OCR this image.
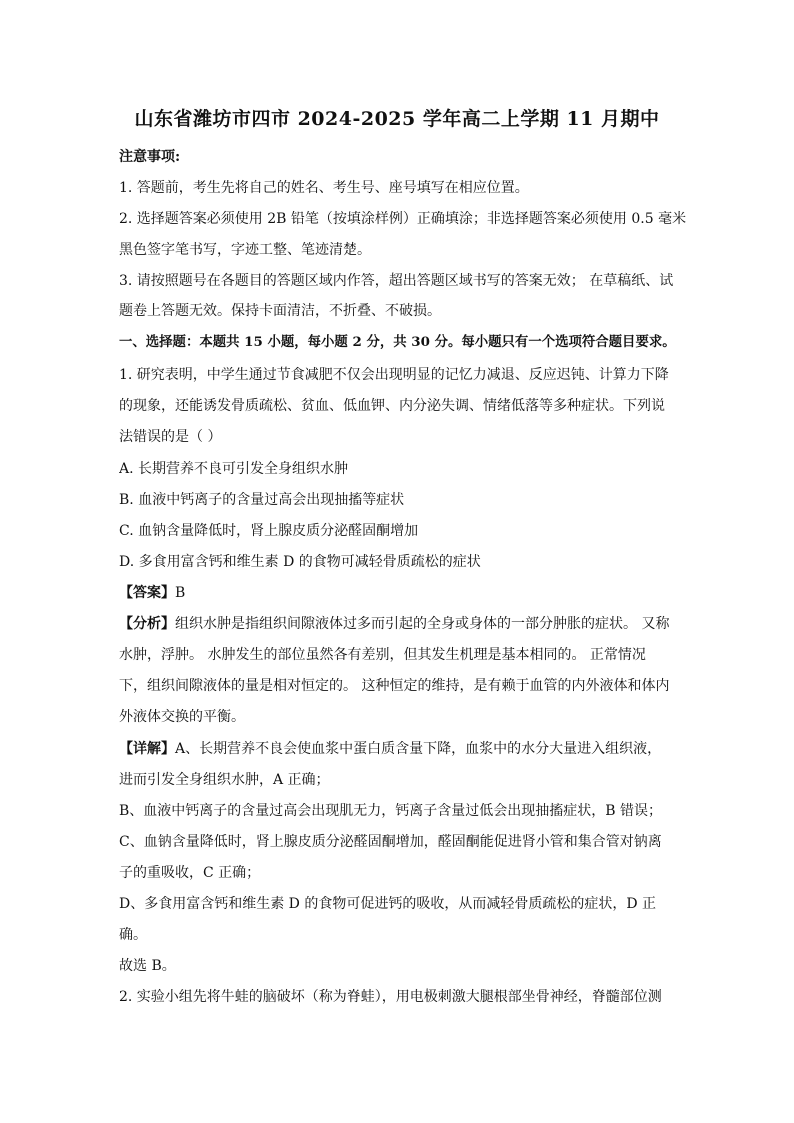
山东省潍坊市四市 2024-2025 学年高二上学期 11 月期中
注意事项:
1. 答题前，考生先将自己的姓名、考生号、座号填写在相应位置。
2. 选择题答案必须使用 2B 铅笔（按填涂样例）正确填涂；非选择题答案必须使用 0.5 毫米
黑色签字笔书写，字迹工整、笔迹清楚。
3. 请按照题号在各题目的答题区域内作答，超出答题区域书写的答案无效； 在草稿纸、试
题卷上答题无效。保持卡面清洁，不折叠、不破损。
一、选择题：本题共 15 小题，每小题 2 分，共 30 分。每小题只有一个选项符合题目要求。
1. 研究表明，中学生通过节食减肥不仅会出现明显的记忆力减退、反应迟钝、计算力下降
的现象，还能诱发骨质疏松、贫血、低血钾、内分泌失调、情绪低落等多种症状。下列说
法错误的是（ ）
A. 长期营养不良可引发全身组织水肿
B. 血液中钙离子的含量过高会出现抽搐等症状
C. 血钠含量降低时，肾上腺皮质分泌醛固酮增加
D. 多食用富含钙和维生素 D 的食物可减轻骨质疏松的症状
【答案】B
【分析】组织水肿是指组织间隙液体过多而引起的全身或身体的一部分肿胀的症状。 又称
水肿，浮肿。 水肿发生的部位虽然各有差别，但其发生机理是基本相同的。 正常情况
下，组织间隙液体的量是相对恒定的。 这种恒定的维持，是有赖于血管的内外液体和体内
外液体交换的平衡。
【详解】A、长期营养不良会使血浆中蛋白质含量下降，血浆中的水分大量进入组织液，
进而引发全身组织水肿，A 正确；
B、血液中钙离子的含量过高会出现肌无力，钙离子含量过低会出现抽搐症状，B 错误；
C、血钠含量降低时，肾上腺皮质分泌醛固酮增加，醛固酮能促进肾小管和集合管对钠离
子的重吸收，C 正确；
D、多食用富含钙和维生素 D 的食物可促进钙的吸收，从而减轻骨质疏松的症状，D 正
确。
故选 B。
2. 实验小组先将牛蛙的脑破坏（称为脊蛙），用电极刺激大腿根部坐骨神经，脊髓部位测
